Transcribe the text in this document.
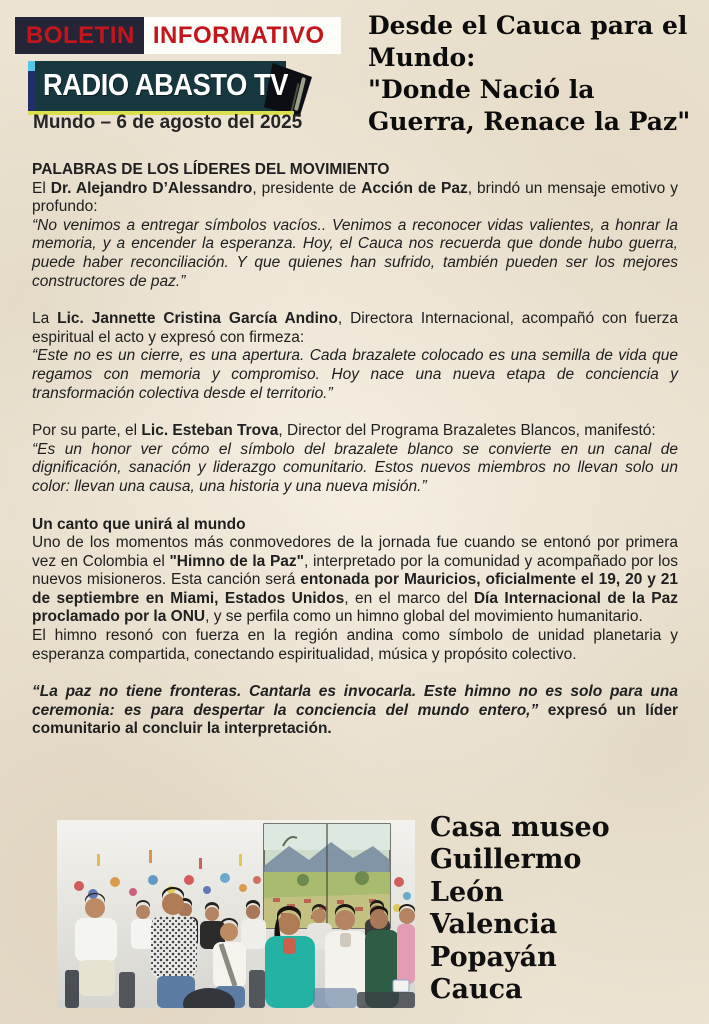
BOLETIN INFORMATIVO
RADIO ABASTO TV
Mundo – 6 de agosto del 2025
Desde el Cauca para el
Mundo:
"Donde Nació la
Guerra, Renace la Paz"

PALABRAS DE LOS LÍDERES DEL MOVIMIENTO

El Dr. Alejandro D’Alessandro, presidente de Acción de Paz, brindó un mensaje emotivo y profundo:

“No venimos a entregar símbolos vacíos.. Venimos a reconocer vidas valientes, a honrar la memoria, y a encender la esperanza. Hoy, el Cauca nos recuerda que donde hubo guerra, puede haber reconciliación. Y que quienes han sufrido, también pueden ser los mejores constructores de paz.”

La Lic. Jannette Cristina García Andino, Directora Internacional, acompañó con fuerza espiritual el acto y expresó con firmeza:

“Este no es un cierre, es una apertura. Cada brazalete colocado es una semilla de vida que regamos con memoria y compromiso. Hoy nace una nueva etapa de conciencia y transformación colectiva desde el territorio.”

Por su parte, el Lic. Esteban Trova, Director del Programa Brazaletes Blancos, manifestó:

“Es un honor ver cómo el símbolo del brazalete blanco se convierte en un canal de dignificación, sanación y liderazgo comunitario. Estos nuevos miembros no llevan solo un color: llevan una causa, una historia y una nueva misión.”

Un canto que unirá al mundo

Uno de los momentos más conmovedores de la jornada fue cuando se entonó por primera vez en Colombia el "Himno de la Paz", interpretado por la comunidad y acompañado por los nuevos misioneros. Esta canción será entonada por Mauricios, oficialmente el 19, 20 y 21 de septiembre en Miami, Estados Unidos, en el marco del Día Internacional de la Paz proclamado por la ONU, y se perfila como un himno global del movimiento humanitario.

El himno resonó con fuerza en la región andina como símbolo de unidad planetaria y esperanza compartida, conectando espiritualidad, música y propósito colectivo.

“La paz no tiene fronteras. Cantarla es invocarla. Este himno no es solo para una ceremonia: es para despertar la conciencia del mundo entero,” expresó un líder comunitario al concluir la interpretación.

Casa museo
Guillermo
León
Valencia
Popayán
Cauca
